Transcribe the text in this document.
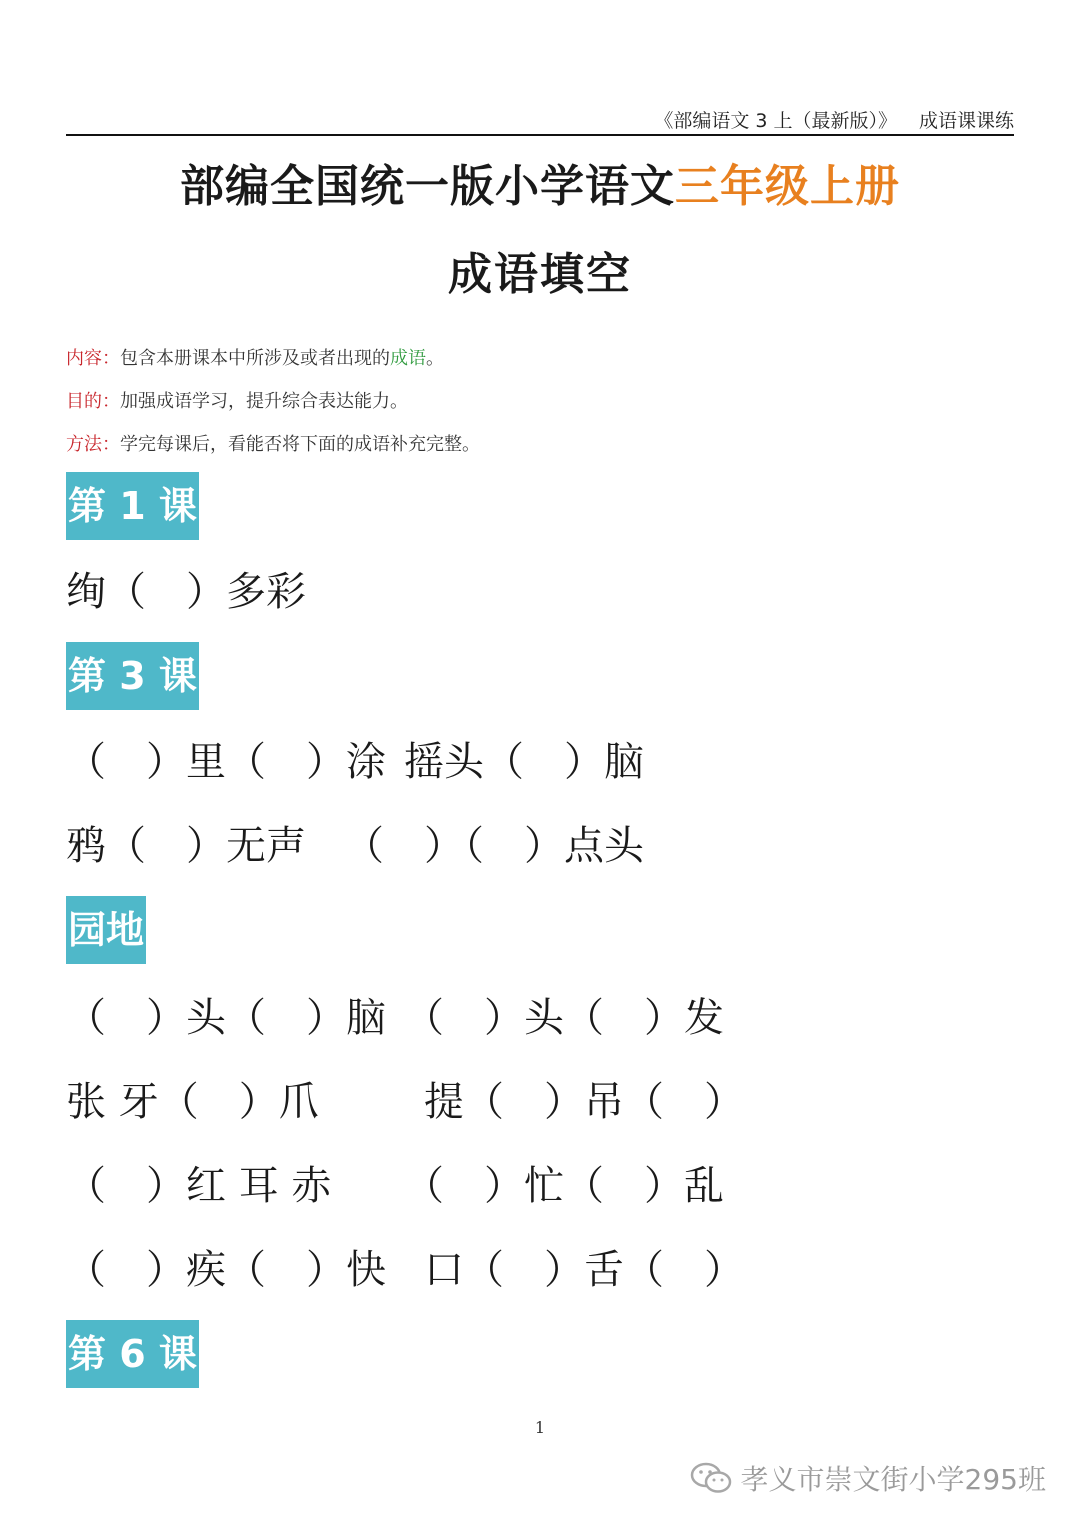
《部编语文 3 上（最新版）》 成语课课练
部编全国统一版小学语文三年级上册
成语填空
内容：包含本册课本中所涉及或者出现的成语。
目的：加强成语学习，提升综合表达能力。
方法：学完每课后，看能否将下面的成语补充完整。
第 1 课
绚（　）多彩
第 3 课
（　）里（　）涂 摇头（　）脑
鸦（　）无声 （　）（　）点头
园地
（　）头（　）脑 （　）头（　）发
张 牙（　）爪	提（　）吊（　）
（　）红 耳 赤 （　）忙（　）乱
（　）疾（　）快 口（　）舌（　）
第 6 课
1
孝义市崇文街小学295班
